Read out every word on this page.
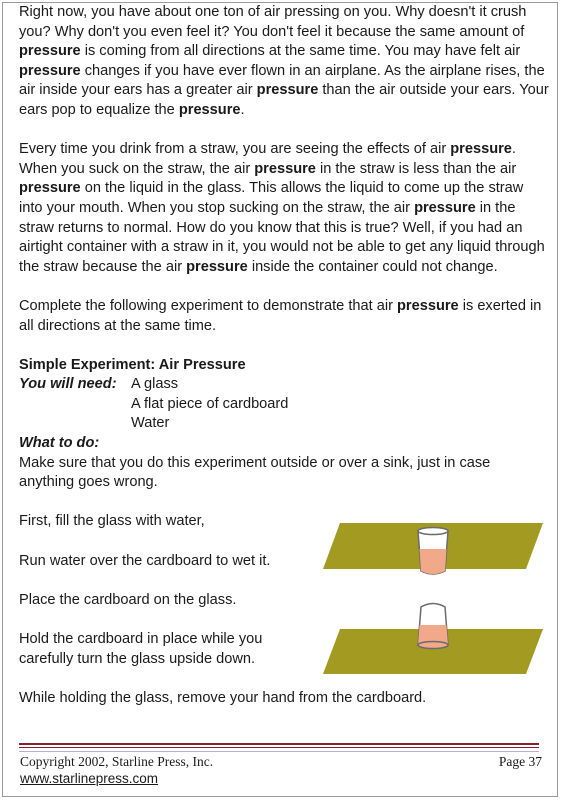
Right now, you have about one ton of air pressing on you. Why doesn't it crush you? Why don't you even feel it? You don't feel it because the same amount of pressure is coming from all directions at the same time. You may have felt air pressure changes if you have ever flown in an airplane. As the airplane rises, the air inside your ears has a greater air pressure than the air outside your ears. Your ears pop to equalize the pressure.

Every time you drink from a straw, you are seeing the effects of air pressure. When you suck on the straw, the air pressure in the straw is less than the air pressure on the liquid in the glass. This allows the liquid to come up the straw into your mouth. When you stop sucking on the straw, the air pressure in the straw returns to normal. How do you know that this is true? Well, if you had an airtight container with a straw in it, you would not be able to get any liquid through the straw because the air pressure inside the container could not change.

Complete the following experiment to demonstrate that air pressure is exerted in all directions at the same time.

Simple Experiment: Air Pressure

You will need: A glass
A flat piece of cardboard
Water

What to do:

Make sure that you do this experiment outside or over a sink, just in case anything goes wrong.

First, fill the glass with water,

Run water over the cardboard to wet it.

Place the cardboard on the glass.

Hold the cardboard in place while you carefully turn the glass upside down.

While holding the glass, remove your hand from the cardboard.

Copyright 2002, Starline Press, Inc.
www.starlinepress.com
Page 37
